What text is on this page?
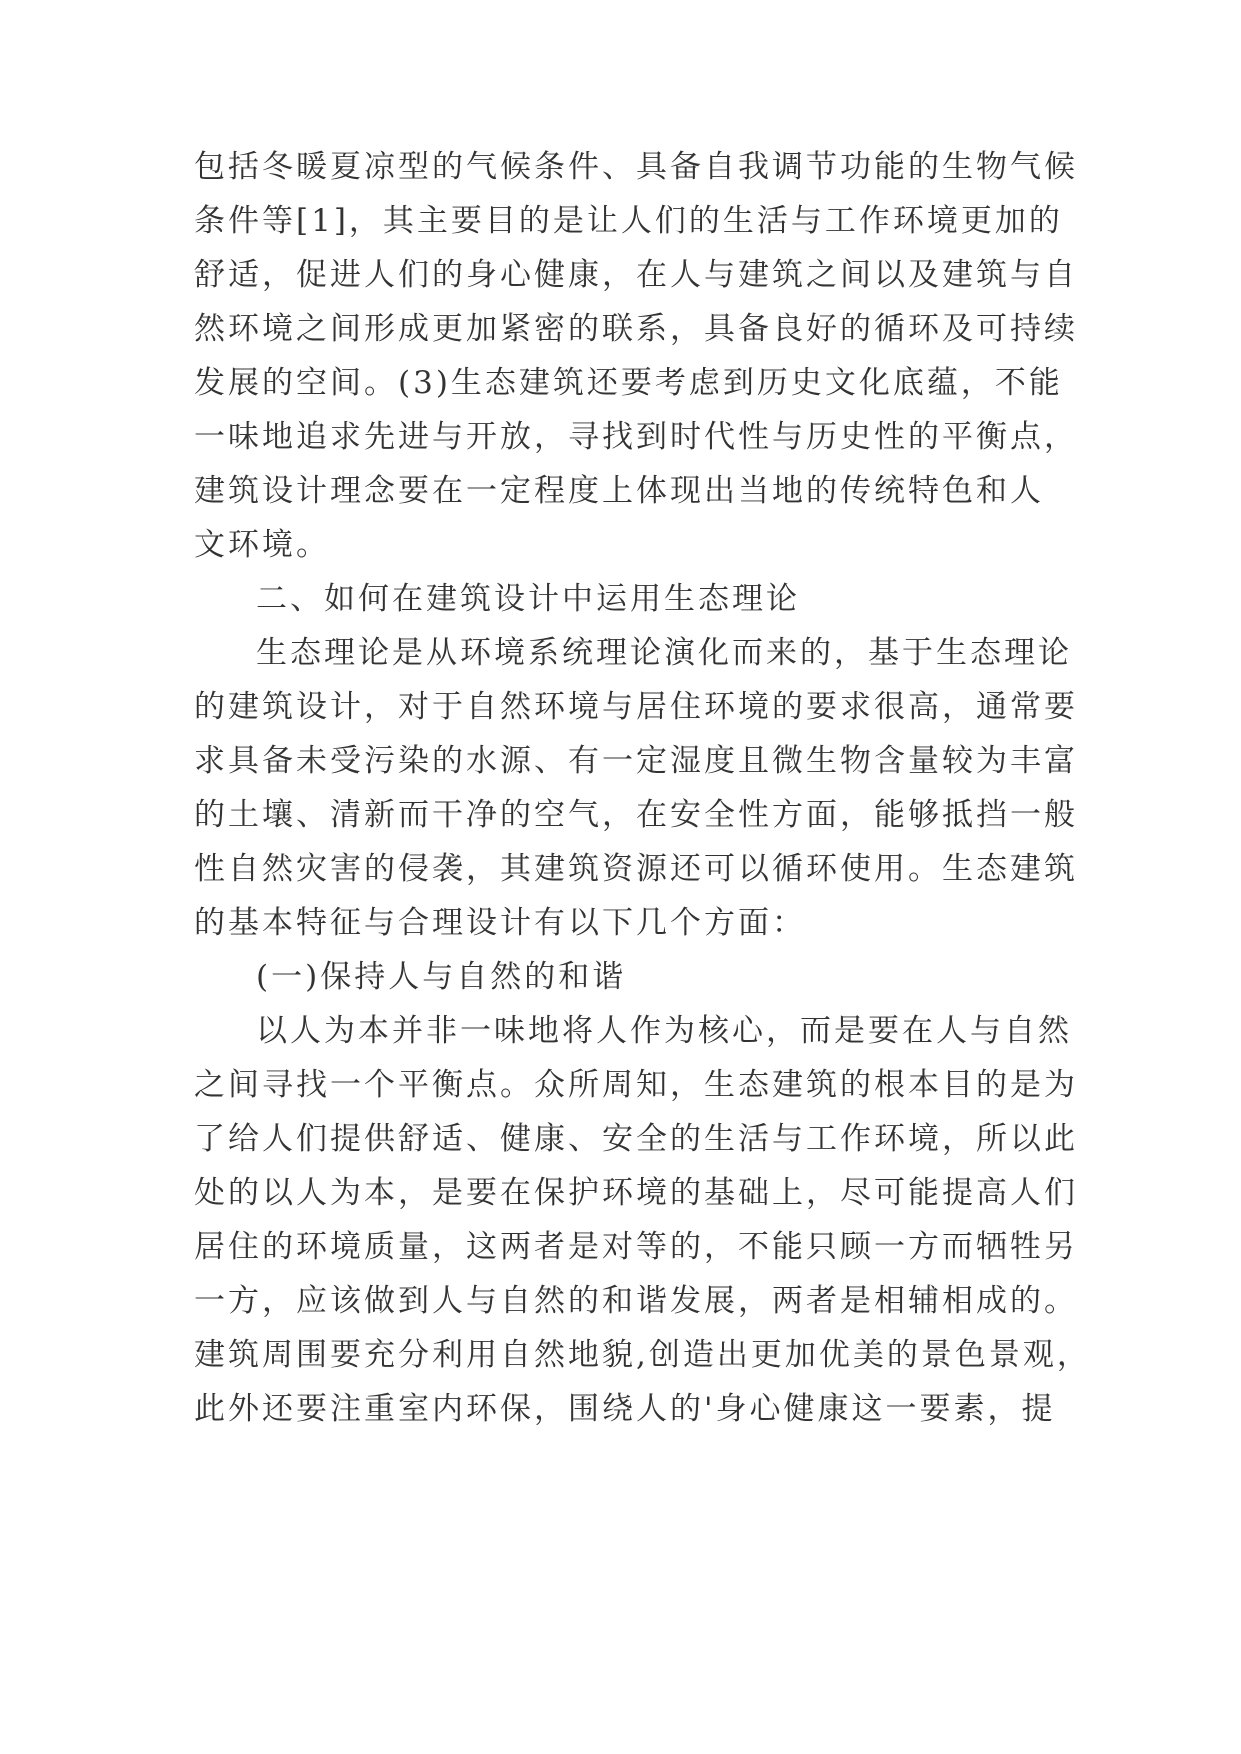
包括冬暖夏凉型的气候条件、具备自我调节功能的生物气候
条件等[1]，其主要目的是让人们的生活与工作环境更加的
舒适，促进人们的身心健康，在人与建筑之间以及建筑与自
然环境之间形成更加紧密的联系，具备良好的循环及可持续
发展的空间。(3)生态建筑还要考虑到历史文化底蕴，不能
一味地追求先进与开放，寻找到时代性与历史性的平衡点，
建筑设计理念要在一定程度上体现出当地的传统特色和人
文环境。
二、如何在建筑设计中运用生态理论
生态理论是从环境系统理论演化而来的，基于生态理论
的建筑设计，对于自然环境与居住环境的要求很高，通常要
求具备未受污染的水源、有一定湿度且微生物含量较为丰富
的土壤、清新而干净的空气，在安全性方面，能够抵挡一般
性自然灾害的侵袭，其建筑资源还可以循环使用。生态建筑
的基本特征与合理设计有以下几个方面：
(一)保持人与自然的和谐
以人为本并非一味地将人作为核心，而是要在人与自然
之间寻找一个平衡点。众所周知，生态建筑的根本目的是为
了给人们提供舒适、健康、安全的生活与工作环境，所以此
处的以人为本，是要在保护环境的基础上，尽可能提高人们
居住的环境质量，这两者是对等的，不能只顾一方而牺牲另
一方，应该做到人与自然的和谐发展，两者是相辅相成的。
建筑周围要充分利用自然地貌,创造出更加优美的景色景观，
此外还要注重室内环保，围绕人的'身心健康这一要素，提
